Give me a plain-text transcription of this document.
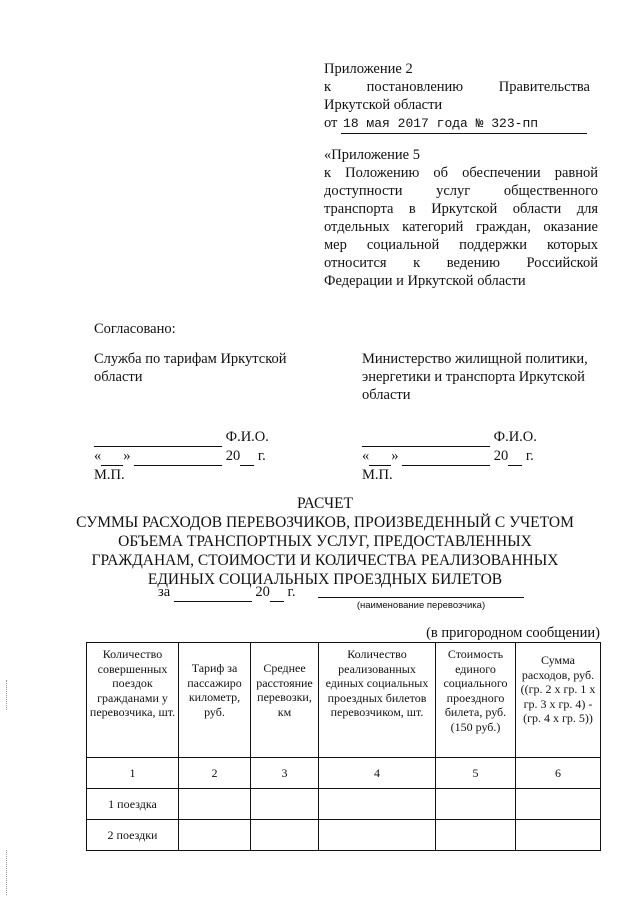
Приложение 2
к постановлению Правительства
Иркутской области
от 18 мая 2017 года № 323-пп
«Приложение 5
к Положению об обеспечении равной
доступности услуг общественного
транспорта в Иркутской области для
отдельных категорий граждан, оказание
мер социальной поддержки которых
относится к ведению Российской
Федерации и Иркутской области
Согласовано:
Служба по тарифам Иркутской области
Министерство жилищной политики, энергетики и транспорта Иркутской области
Ф.И.О.
« »	20 г.
М.П.
Ф.И.О.
« »	20 г.
М.П.
РАСЧЕТ
СУММЫ РАСХОДОВ ПЕРЕВОЗЧИКОВ, ПРОИЗВЕДЕННЫЙ С УЧЕТОМ
ОБЪЕМА ТРАНСПОРТНЫХ УСЛУГ, ПРЕДОСТАВЛЕННЫХ
ГРАЖДАНАМ, СТОИМОСТИ И КОЛИЧЕСТВА РЕАЛИЗОВАННЫХ
ЕДИНЫХ СОЦИАЛЬНЫХ ПРОЕЗДНЫХ БИЛЕТОВ
за	20 г.
(наименование перевозчика)
(в пригородном сообщении)
Количество совершенных поездок гражданами у перевозчика, шт.	Тариф за пассажиро километр, руб.	Среднее расстояние перевозки, км	Количество реализованных единых социальных проездных билетов перевозчиком, шт.	Стоимость единого социального проездного билета, руб. (150 руб.)	Сумма расходов, руб. ((гр. 2 х гр. 1 х гр. 3 х гр. 4) - (гр. 4 х гр. 5))
1	2	3	4	5	6
1 поездка					
2 поездки					
